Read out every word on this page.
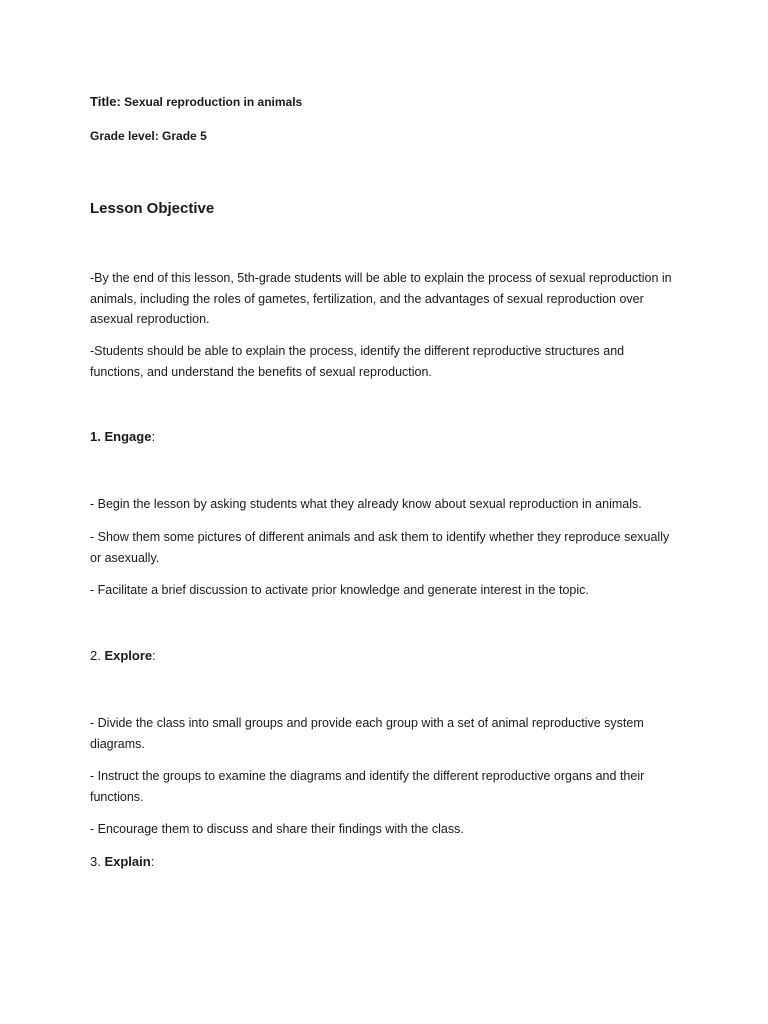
Title: Sexual reproduction in animals

Grade level: Grade 5

Lesson Objective

-By the end of this lesson, 5th-grade students will be able to explain the process of sexual reproduction in animals, including the roles of gametes, fertilization, and the advantages of sexual reproduction over asexual reproduction.

-Students should be able to explain the process, identify the different reproductive structures and functions, and understand the benefits of sexual reproduction.

1. Engage:

- Begin the lesson by asking students what they already know about sexual reproduction in animals.

- Show them some pictures of different animals and ask them to identify whether they reproduce sexually or asexually.

- Facilitate a brief discussion to activate prior knowledge and generate interest in the topic.

2. Explore:

- Divide the class into small groups and provide each group with a set of animal reproductive system diagrams.

- Instruct the groups to examine the diagrams and identify the different reproductive organs and their functions.

- Encourage them to discuss and share their findings with the class.

3. Explain:
